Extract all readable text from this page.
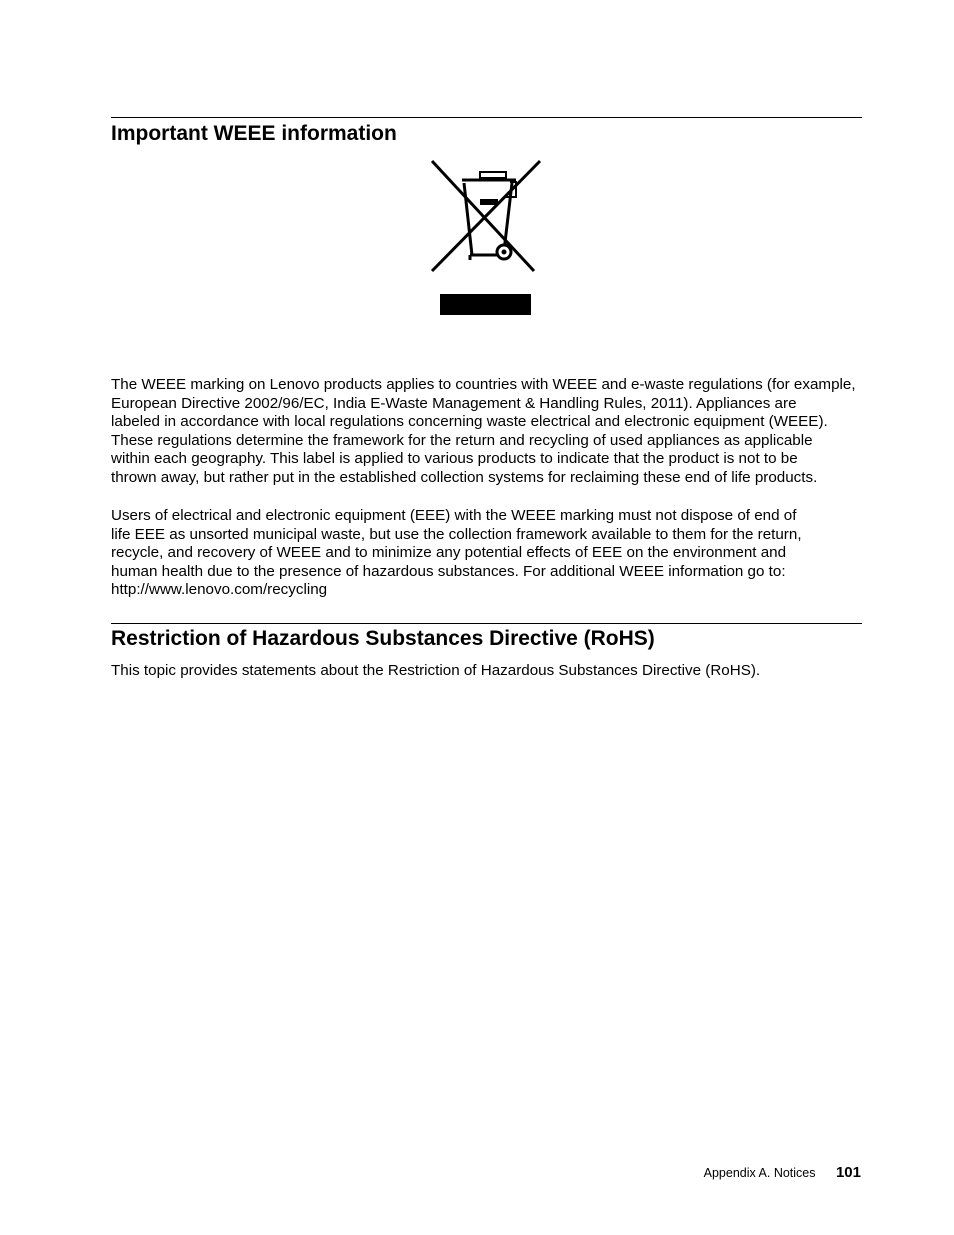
Important WEEE information
The WEEE marking on Lenovo products applies to countries with WEEE and e-waste regulations (for example,
European Directive 2002/96/EC, India E-Waste Management & Handling Rules, 2011). Appliances are
labeled in accordance with local regulations concerning waste electrical and electronic equipment (WEEE).
These regulations determine the framework for the return and recycling of used appliances as applicable
within each geography. This label is applied to various products to indicate that the product is not to be
thrown away, but rather put in the established collection systems for reclaiming these end of life products.
Users of electrical and electronic equipment (EEE) with the WEEE marking must not dispose of end of
life EEE as unsorted municipal waste, but use the collection framework available to them for the return,
recycle, and recovery of WEEE and to minimize any potential effects of EEE on the environment and
human health due to the presence of hazardous substances. For additional WEEE information go to:
http://www.lenovo.com/recycling
Restriction of Hazardous Substances Directive (RoHS)

This topic provides statements about the Restriction of Hazardous Substances Directive (RoHS).

Appendix A. Notices 101
